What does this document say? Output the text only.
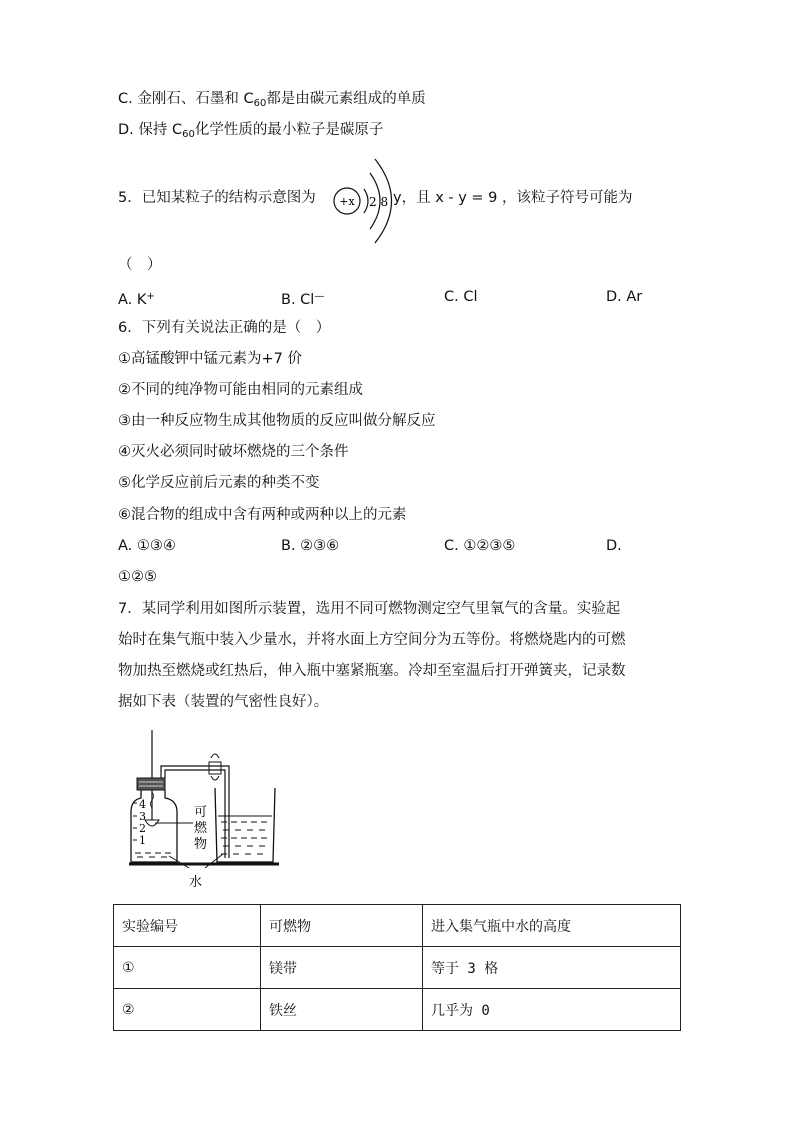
C. 金刚石、石墨和 $C_{60}$都是由碳元素组成的单质
D. 保持 $C_{60}$化学性质的最小粒子是碳原子
5．已知某粒子的结构示意图为 +x 2 8 y，且 x - y = 9 ，该粒子符号可能为
（　）
A. K+	B. Cl—	C. Cl	D. Ar
6．下列有关说法正确的是（　）
①高锰酸钾中锰元素为+7 价
②不同的纯净物可能由相同的元素组成
③由一种反应物生成其他物质的反应叫做分解反应
④灭火必须同时破坏燃烧的三个条件
⑤化学反应前后元素的种类不变
⑥混合物的组成中含有两种或两种以上的元素
A. ①③④	B. ②③⑥	C. ①②③⑤	D.
①②⑤
7．某同学利用如图所示装置，选用不同可燃物测定空气里氧气的含量。实验起
始时在集气瓶中装入少量水，并将水面上方空间分为五等份。将燃烧匙内的可燃
物加热至燃烧或红热后，伸入瓶中塞紧瓶塞。冷却至室温后打开弹簧夹，记录数
据如下表（装置的气密性良好）。
4
3
2
1
可
燃
物
水
实验编号	可燃物	进入集气瓶中水的高度
①	镁带	等于 3 格
②	铁丝	几乎为 0
